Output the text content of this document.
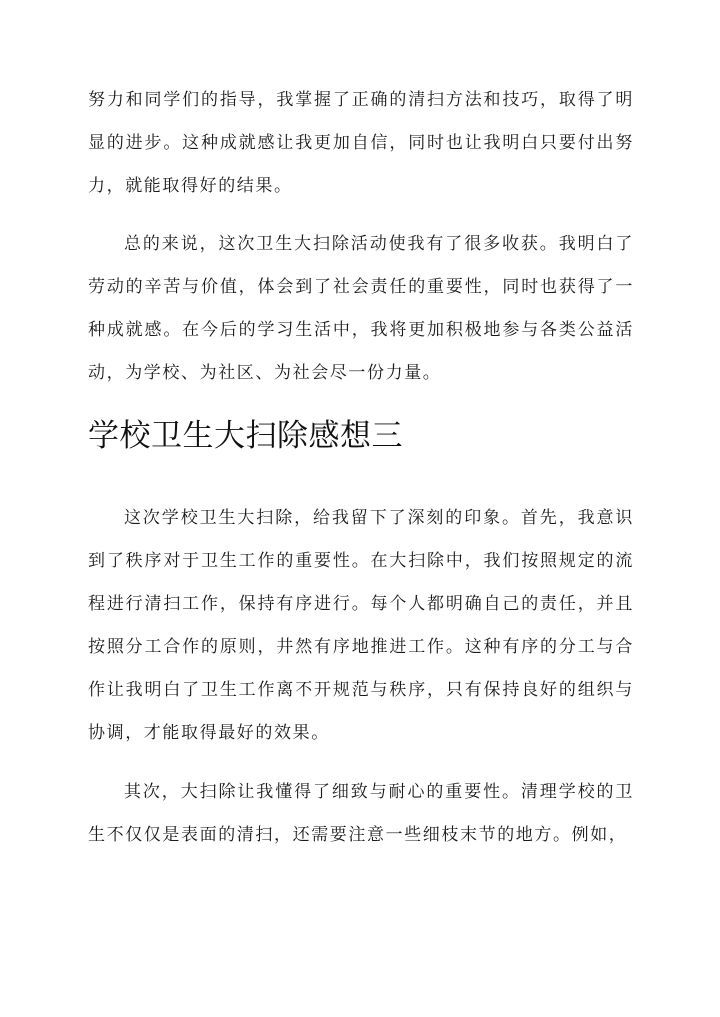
努力和同学们的指导，我掌握了正确的清扫方法和技巧，取得了明显的进步。这种成就感让我更加自信，同时也让我明白只要付出努力，就能取得好的结果。

总的来说，这次卫生大扫除活动使我有了很多收获。我明白了劳动的辛苦与价值，体会到了社会责任的重要性，同时也获得了一种成就感。在今后的学习生活中，我将更加积极地参与各类公益活动，为学校、为社区、为社会尽一份力量。

学校卫生大扫除感想三

这次学校卫生大扫除，给我留下了深刻的印象。首先，我意识到了秩序对于卫生工作的重要性。在大扫除中，我们按照规定的流程进行清扫工作，保持有序进行。每个人都明确自己的责任，并且按照分工合作的原则，井然有序地推进工作。这种有序的分工与合作让我明白了卫生工作离不开规范与秩序，只有保持良好的组织与协调，才能取得最好的效果。

其次，大扫除让我懂得了细致与耐心的重要性。清理学校的卫生不仅仅是表面的清扫，还需要注意一些细枝末节的地方。例如，
